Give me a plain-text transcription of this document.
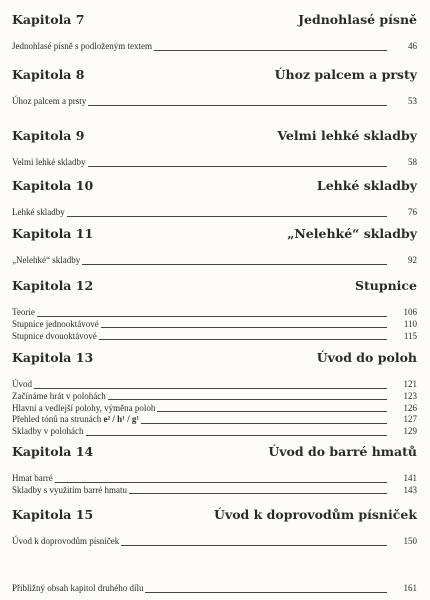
Kapitola 7	Jednohlasé písně
Jednohlasé písně s podloženým textem	46
Kapitola 8	Úhoz palcem a prsty
Úhoz palcem a prsty	53
Kapitola 9	Velmi lehké skladby
Velmi lehké skladby	58
Kapitola 10	Lehké skladby
Lehké skladby	76
Kapitola 11	„Nelehké“ skladby
„Nelehké“ skladby	92
Kapitola 12	Stupnice
Teorie	106
Stupnice jednooktávové	110
Stupnice dvouoktávové	115
Kapitola 13	Úvod do poloh
Úvod	121
Začínáme hrát v polohách	123
Hlavní a vedlejší polohy, výměna poloh	126
Přehled tónů na strunách e² / h¹ / g¹	127
Skladby v polohách	129
Kapitola 14	Úvod do barré hmatů
Hmat barré	141
Skladby s využitím barré hmatu	143
Kapitola 15	Úvod k doprovodům písniček
Úvod k doprovodům písniček	150
Přibližný obsah kapitol druhého dílu	161
